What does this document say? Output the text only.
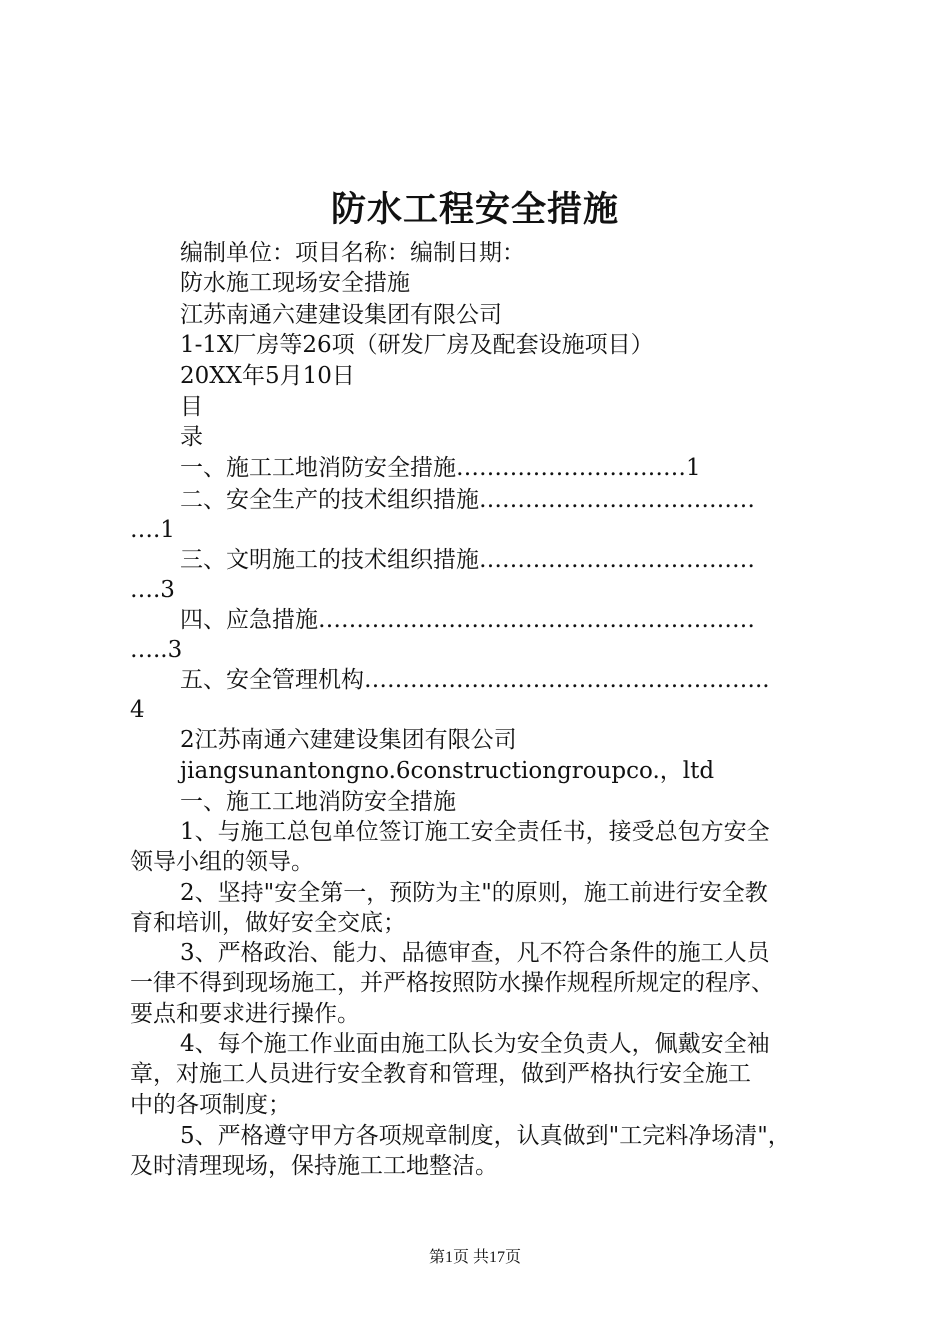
防水工程安全措施
编制单位：项目名称：编制日期：
防水施工现场安全措施
江苏南通六建建设集团有限公司
1-1X厂房等26项（研发厂房及配套设施项目）
20XX年5月10日
目
录
一、施工工地消防安全措施…………………………1
二、安全生产的技术组织措施………………………………
….1
三、文明施工的技术组织措施………………………………
….3
四、应急措施…………………………………………………
…..3
五、安全管理机构……………………………………………..
4
2江苏南通六建建设集团有限公司
jiangsunantongno.6constructiongroupco.，ltd
一、施工工地消防安全措施
1、与施工总包单位签订施工安全责任书，接受总包方安全
领导小组的领导。
2、坚持"安全第一，预防为主"的原则，施工前进行安全教
育和培训，做好安全交底；
3、严格政治、能力、品德审查，凡不符合条件的施工人员
一律不得到现场施工，并严格按照防水操作规程所规定的程序、
要点和要求进行操作。
4、每个施工作业面由施工队长为安全负责人，佩戴安全袖
章，对施工人员进行安全教育和管理，做到严格执行安全施工
中的各项制度；
5、严格遵守甲方各项规章制度，认真做到"工完料净场清"，
及时清理现场，保持施工工地整洁。
第1页 共17页
